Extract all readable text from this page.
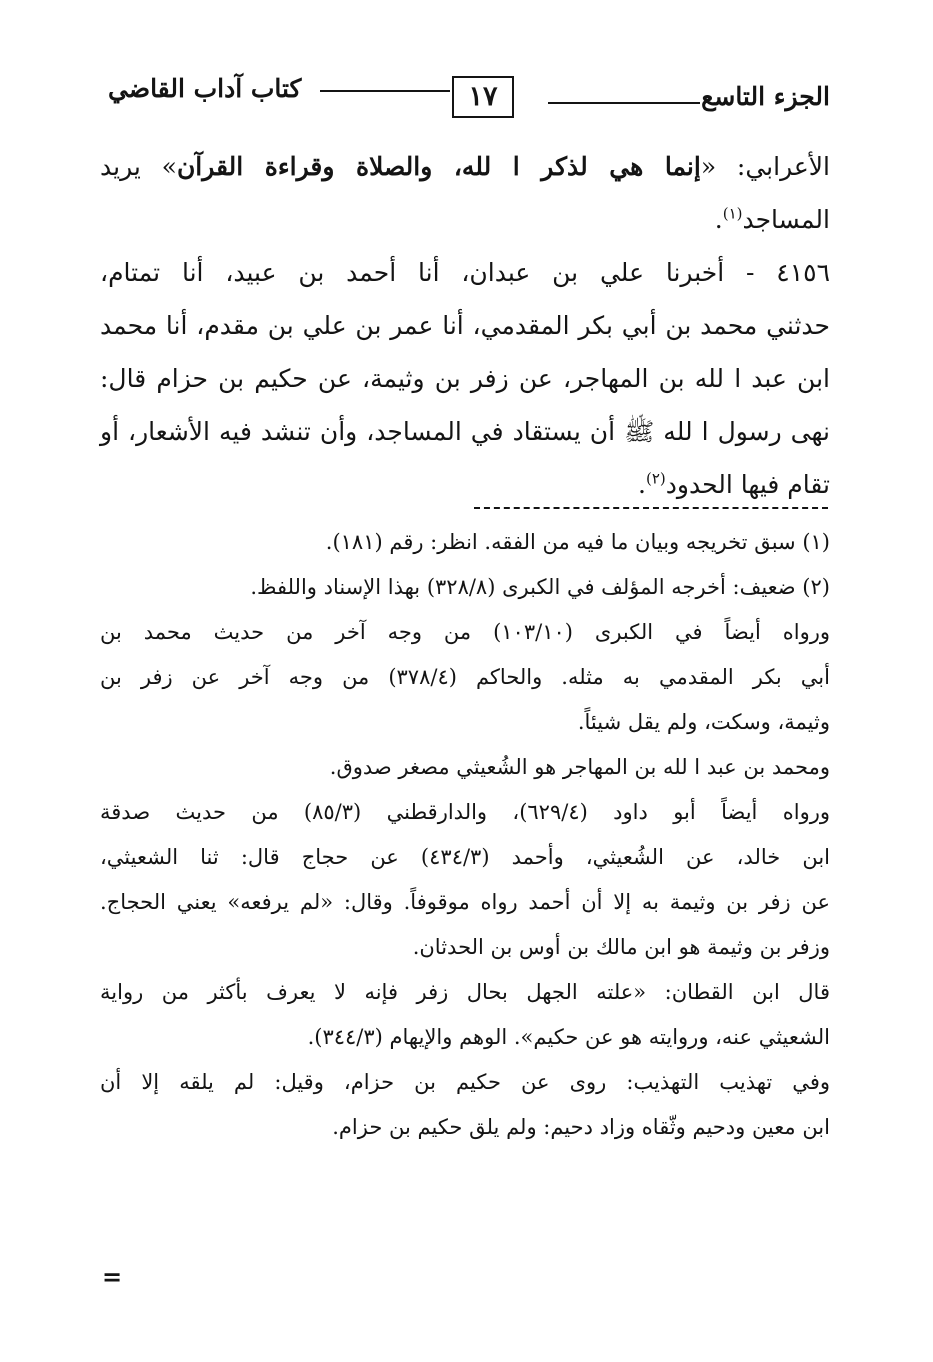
الجزء التاسع
١٧
كتاب آداب القاضي

الأعرابي: «إنما هي لذكر ا لله، والصلاة وقراءة القرآن» يريد المساجد$^{(١)}$.

٤١٥٦ - أخبرنا علي بن عبدان، أنا أحمد بن عبيد، أنا تمتام،

حدثني محمد بن أبي بكر المقدمي، أنا عمر بن علي بن مقدم، أنا محمد

ابن عبد ا لله بن المهاجر، عن زفر بن وثيمة، عن حكيم بن حزام قال:

نهى رسول ا لله ﷺ أن يستقاد في المساجد، وأن تنشد فيه الأشعار، أو

تقام فيها الحدود$^{(٢)}$.

(١) سبق تخريجه وبيان ما فيه من الفقه. انظر: رقم (١٨١).

(٢) ضعيف: أخرجه المؤلف في الكبرى (٣٢٨/٨) بهذا الإسناد واللفظ.

ورواه أيضاً في الكبرى (١٠٣/١٠) من وجه آخر من حديث محمد بن

أبي بكر المقدمي به مثله. والحاكم (٣٧٨/٤) من وجه آخر عن زفر بن

وثيمة، وسكت، ولم يقل شيئاً.

ومحمد بن عبد ا لله بن المهاجر هو الشُعيثي مصغر صدوق.

ورواه أيضاً أبو داود (٦٢٩/٤)، والدارقطني (٨٥/٣) من حديث صدقة

ابن خالد، عن الشُعيثي، وأحمد (٤٣٤/٣) عن حجاج قال: ثنا الشعيثي،

عن زفر بن وثيمة به إلا أن أحمد رواه موقوفاً. وقال: «لم يرفعه» يعني الحجاج.

وزفر بن وثيمة هو ابن مالك بن أوس بن الحدثان.

قال ابن القطان: «علته الجهل بحال زفر فإنه لا يعرف بأكثر من رواية

الشعيثي عنه، وروايته هو عن حكيم». الوهم والإيهام (٣٤٤/٣).

وفي تهذيب التهذيب: روى عن حكيم بن حزام، وقيل: لم يلقه إلا أن

ابن معين ودحيم وثّقاه وزاد دحيم: ولم يلق حكيم بن حزام.

=
